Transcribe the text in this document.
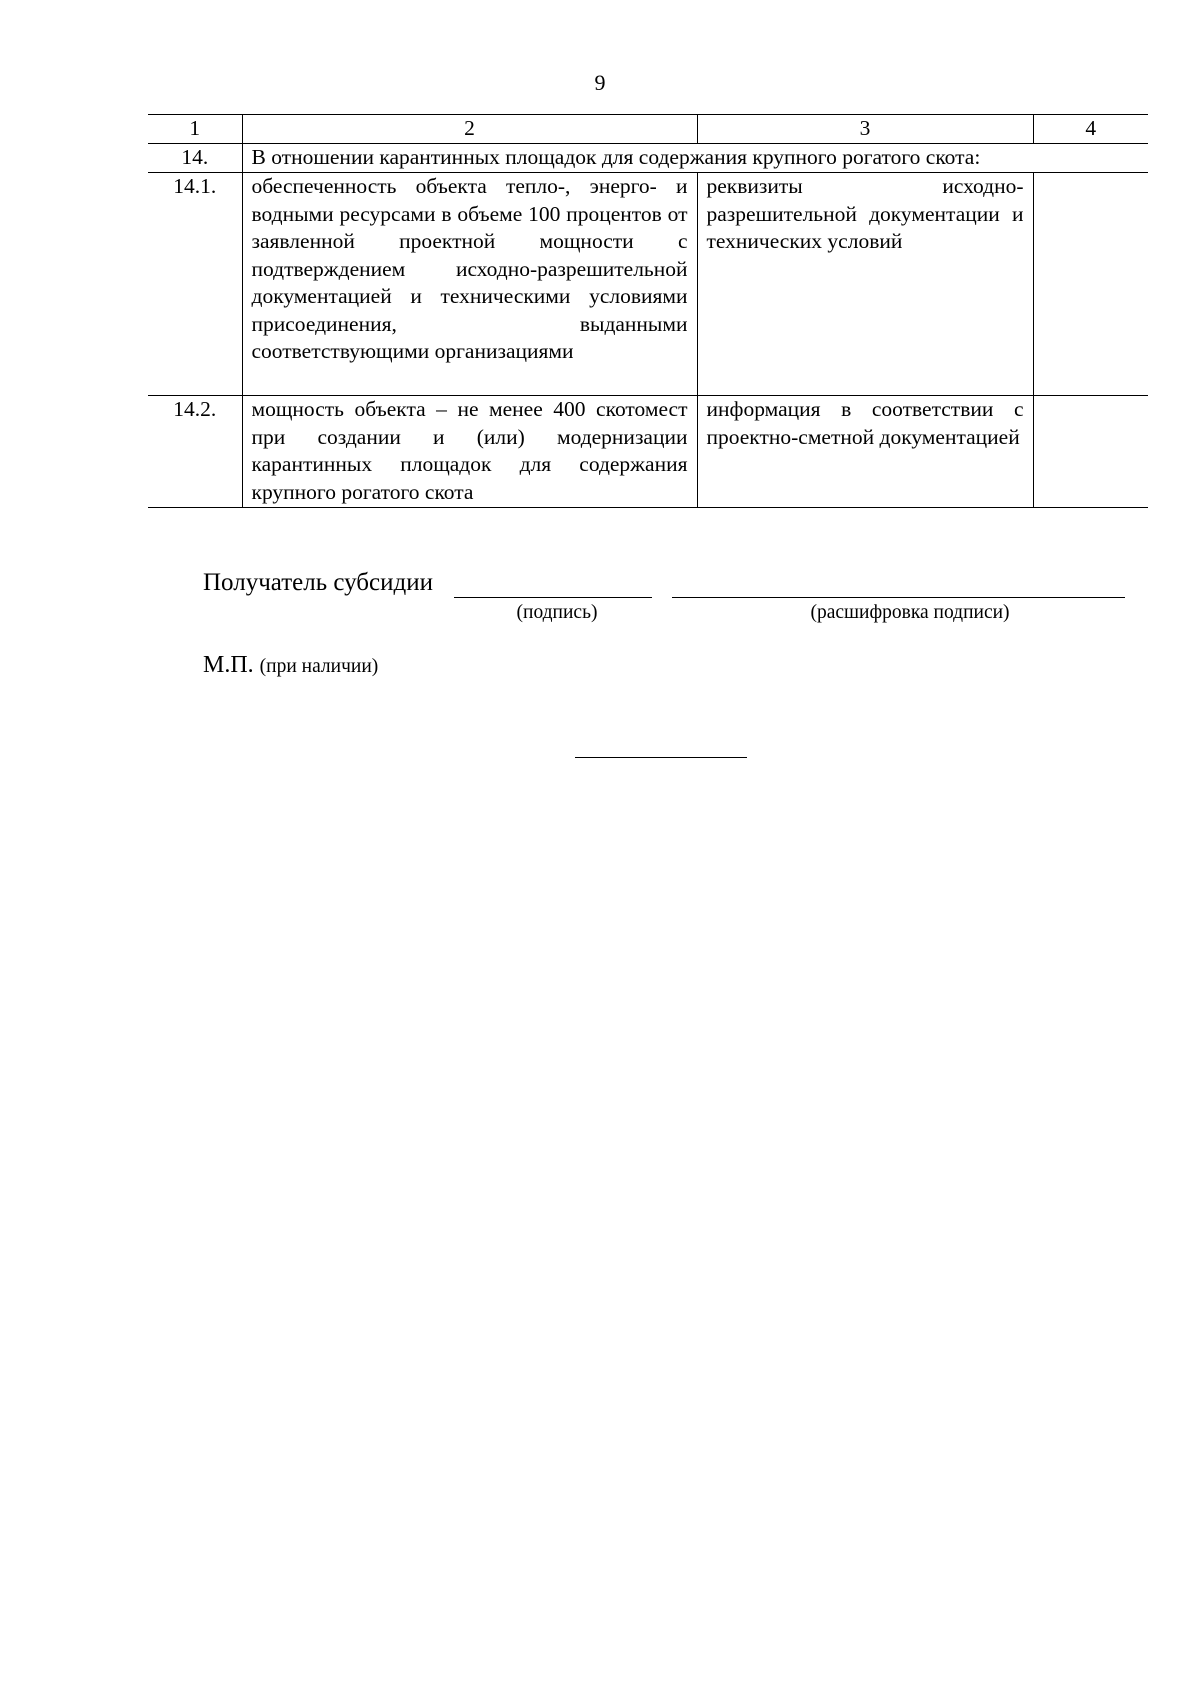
9
1	2	3	4
14.	В отношении карантинных площадок для содержания крупного рогатого скота:		
14.1.	обеспеченность объекта тепло-, энерго- и водными ресурсами в объеме 100 процентов от заявленной проектной мощности с подтверждением исходно-разрешительной документацией и техническими условиями присоединения, выданными соответствующими организациями	реквизиты исходно-разрешительной документации и технических условий	
14.2.	мощность объекта – не менее 400 скотомест при создании и (или) модернизации карантинных площадок для содержания крупного рогатого скота	информация в соответствии с проектно-сметной документацией	
Получатель субсидии
(подпись)	(расшифровка подписи)
М.П. (при наличии)
